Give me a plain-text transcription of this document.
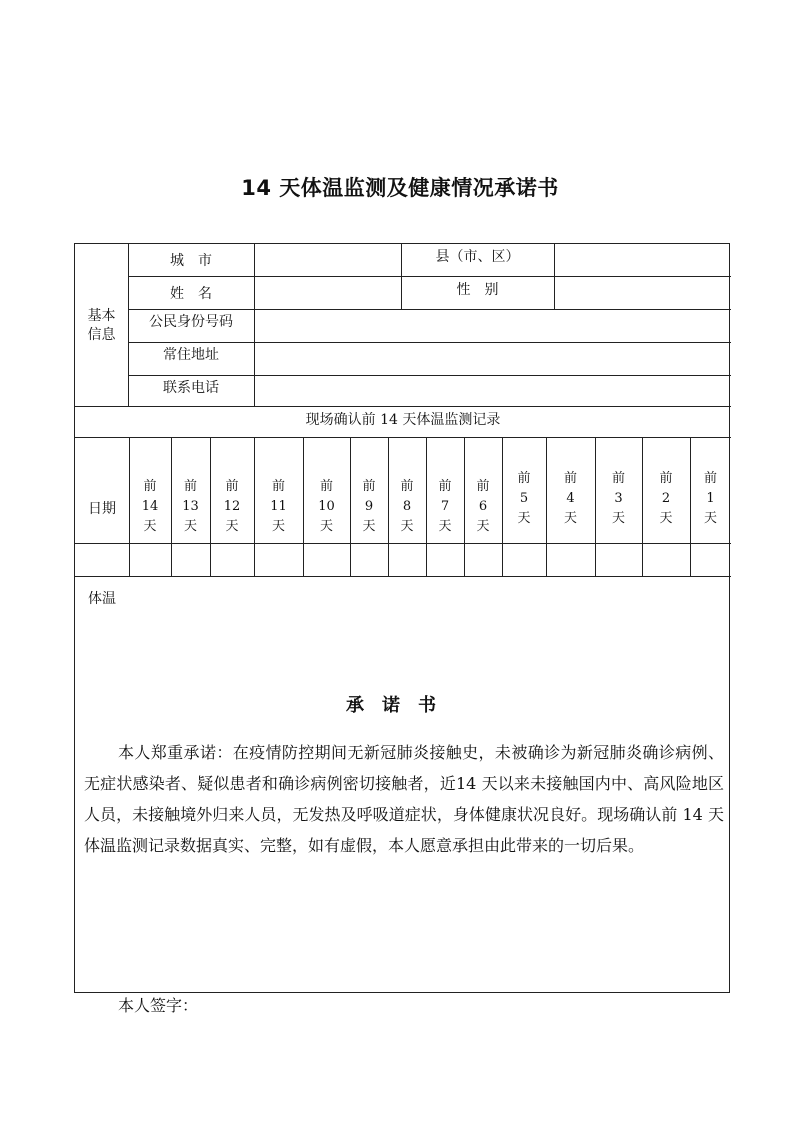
14 天体温监测及健康情况承诺书
基本信息
城　市	县（市、区）
姓　名	性　别
公民身份号码
常住地址
联系电话
现场确认前 14 天体温监测记录
日期
前
14
天
前
13
天
前
12
天
前
11
天
前
10
天
前
9
天
前
8
天
前
7
天
前
6
天
前
5
天
前
4
天
前
3
天
前
2
天
前
1
天
体温
承诺书
本人郑重承诺：在疫情防控期间无新冠肺炎接触史，未被确诊为新冠肺炎确诊病例、无症状感染者、疑似患者和确诊病例密切接触者，近14 天以来未接触国内中、高风险地区人员，未接触境外归来人员，无发热及呼吸道症状，身体健康状况良好。现场确认前 14 天体温监测记录数据真实、完整，如有虚假，本人愿意承担由此带来的一切后果。
本人签字：
